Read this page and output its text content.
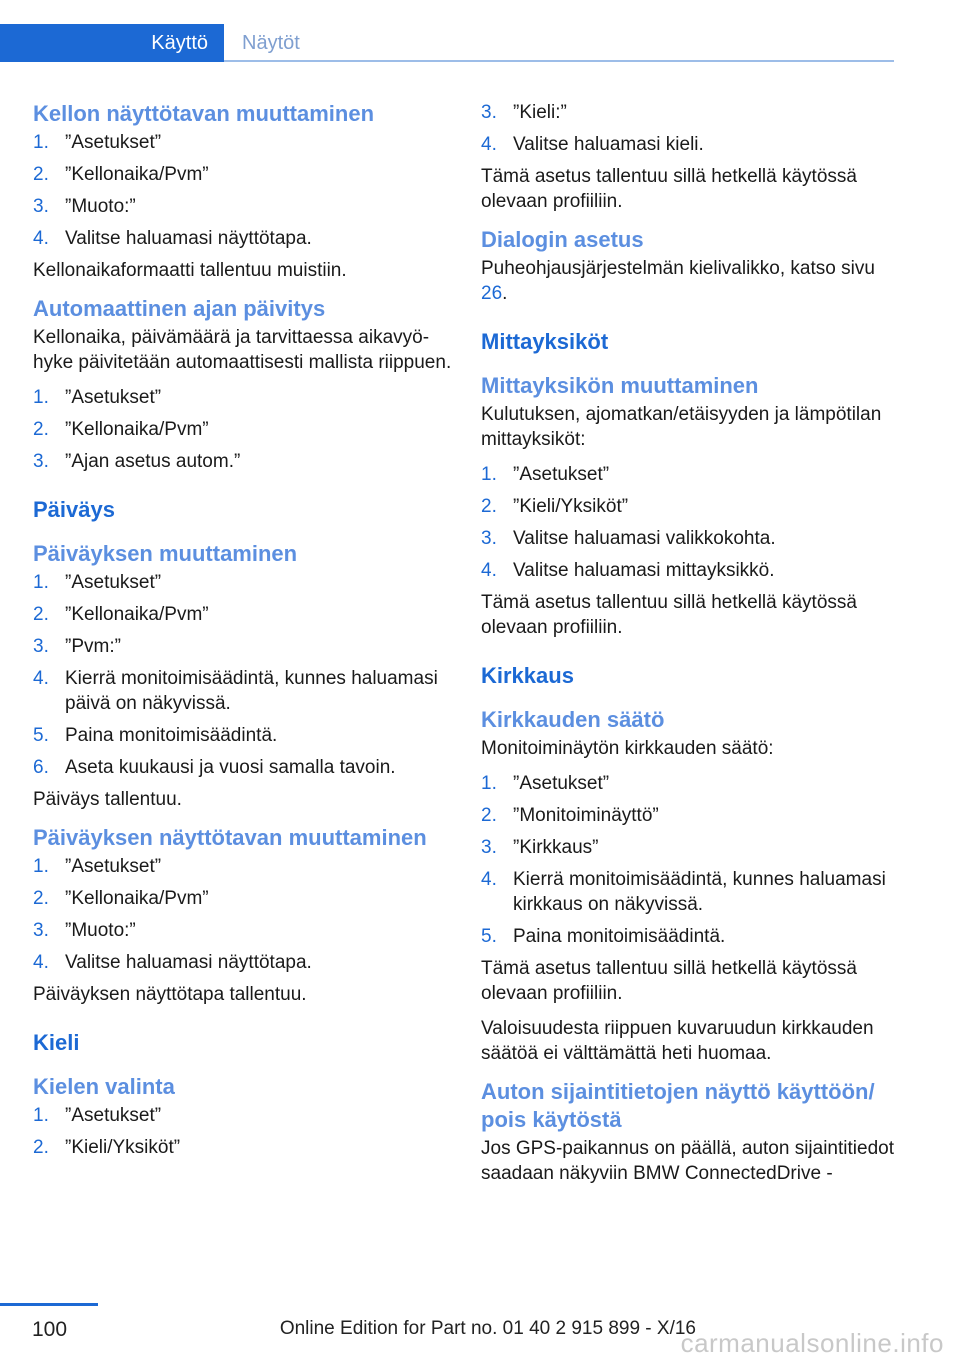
Käyttö	Näytöt
Kellon näyttötavan muuttaminen
1. ”Asetukset”
2. ”Kellonaika/Pvm”
3. ”Muoto:”
4. Valitse haluamasi näyttötapa.
Kellonaikaformaatti tallentuu muistiin.
Automaattinen ajan päivitys
Kellonaika, päivämäärä ja tarvittaessa aikavyöhyke päivitetään automaattisesti mallista riippuen.
1. ”Asetukset”
2. ”Kellonaika/Pvm”
3. ”Ajan asetus autom.”
Päiväys
Päiväyksen muuttaminen
1. ”Asetukset”
2. ”Kellonaika/Pvm”
3. ”Pvm:”
4. Kierrä monitoimisäädintä, kunnes haluamasi päivä on näkyvissä.
5. Paina monitoimisäädintä.
6. Aseta kuukausi ja vuosi samalla tavoin.
Päiväys tallentuu.
Päiväyksen näyttötavan muuttaminen
1. ”Asetukset”
2. ”Kellonaika/Pvm”
3. ”Muoto:”
4. Valitse haluamasi näyttötapa.
Päiväyksen näyttötapa tallentuu.
Kieli
Kielen valinta
1. ”Asetukset”
2. ”Kieli/Yksiköt”
3. ”Kieli:”
4. Valitse haluamasi kieli.
Tämä asetus tallentuu sillä hetkellä käytössä olevaan profiiliin.
Dialogin asetus
Puheohjausjärjestelmän kielivalikko, katso sivu 26.
Mittayksiköt
Mittayksikön muuttaminen
Kulutuksen, ajomatkan/etäisyyden ja lämpötilan mittayksiköt:
1. ”Asetukset”
2. ”Kieli/Yksiköt”
3. Valitse haluamasi valikkokohta.
4. Valitse haluamasi mittayksikkö.
Tämä asetus tallentuu sillä hetkellä käytössä olevaan profiiliin.
Kirkkaus
Kirkkauden säätö
Monitoiminäytön kirkkauden säätö:
1. ”Asetukset”
2. ”Monitoiminäyttö”
3. ”Kirkkaus”
4. Kierrä monitoimisäädintä, kunnes haluamasi kirkkaus on näkyvissä.
5. Paina monitoimisäädintä.
Tämä asetus tallentuu sillä hetkellä käytössä olevaan profiiliin.
Valoisuudesta riippuen kuvaruudun kirkkauden säätöä ei välttämättä heti huomaa.
Auton sijaintitietojen näyttö käyttöön/ pois käytöstä
Jos GPS-paikannus on päällä, auton sijaintitiedot saadaan näkyviin BMW ConnectedDrive -
100	Online Edition for Part no. 01 40 2 915 899 - X/16
carmanualsonline.info
